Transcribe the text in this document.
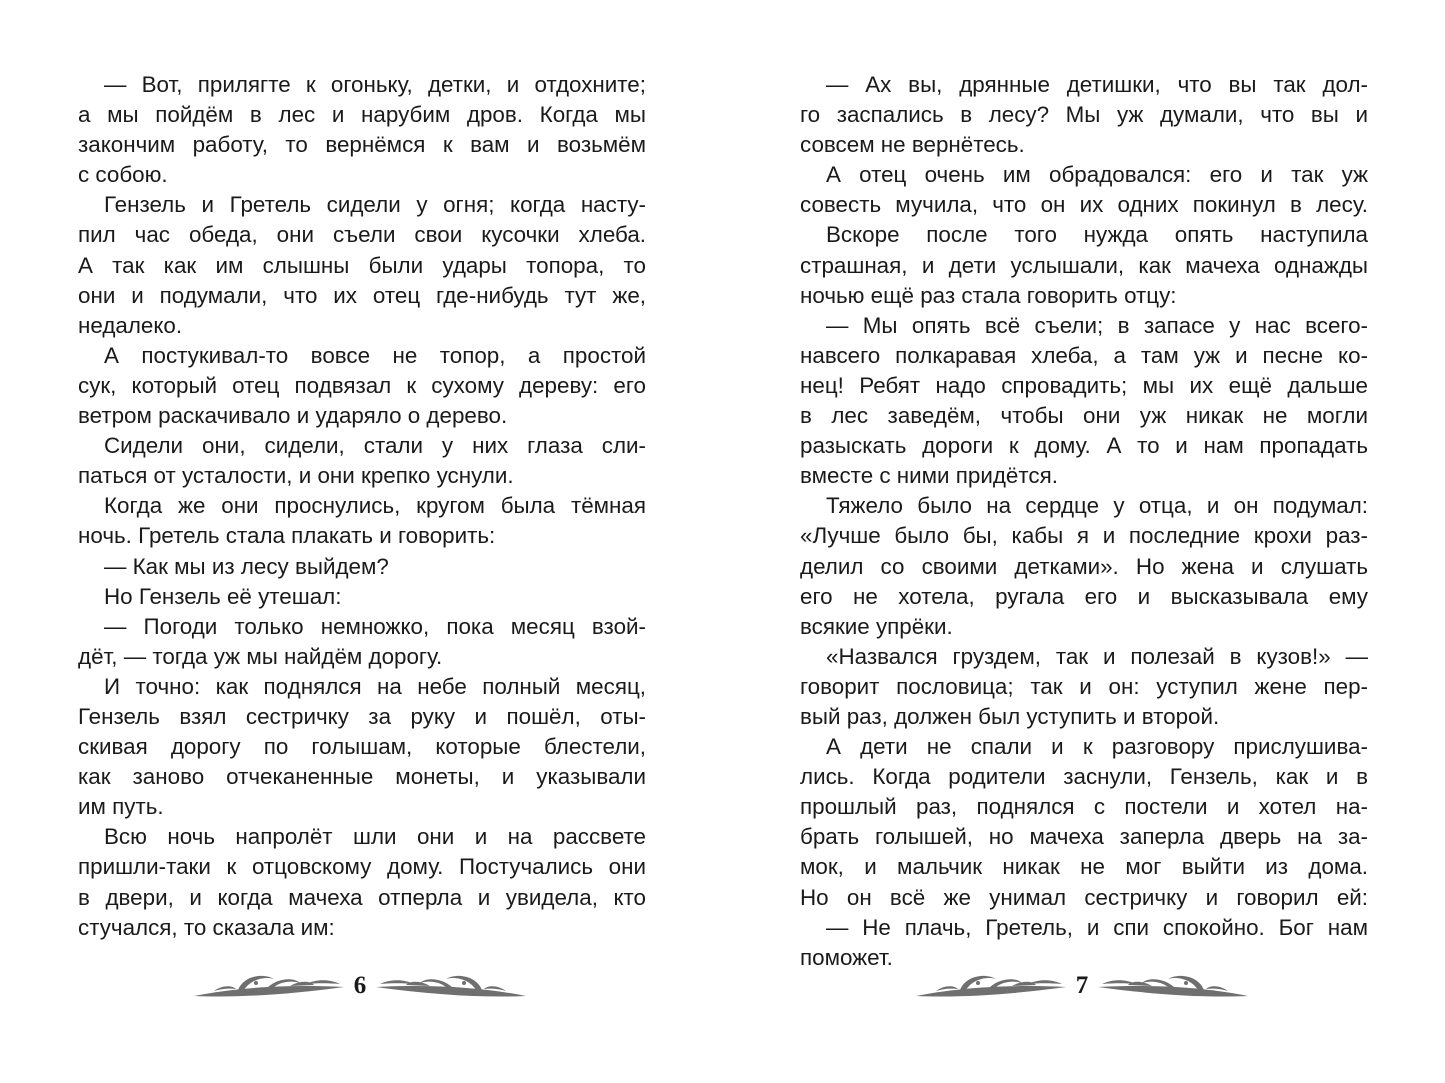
— Вот, прилягте к огоньку, детки, и отдохните;
а мы пойдём в лес и нарубим дров. Когда мы
закончим работу, то вернёмся к вам и возьмём
с собою.
Гензель и Гретель сидели у огня; когда насту-
пил час обеда, они съели свои кусочки хлеба.
А так как им слышны были удары топора, то
они и подумали, что их отец где-нибудь тут же,
недалеко.
А постукивал-то вовсе не топор, а простой
сук, который отец подвязал к сухому дереву: его
ветром раскачивало и ударяло о дерево.
Сидели они, сидели, стали у них глаза сли-
паться от усталости, и они крепко уснули.
Когда же они проснулись, кругом была тёмная
ночь. Гретель стала плакать и говорить:
— Как мы из лесу выйдем?
Но Гензель её утешал:
— Погоди только немножко, пока месяц взой-
дёт, — тогда уж мы найдём дорогу.
И точно: как поднялся на небе полный месяц,
Гензель взял сестричку за руку и пошёл, оты-
скивая дорогу по голышам, которые блестели,
как заново отчеканенные монеты, и указывали
им путь.
Всю ночь напролёт шли они и на рассвете
пришли-таки к отцовскому дому. Постучались они
в двери, и когда мачеха отперла и увидела, кто
стучался, то сказала им:
— Ах вы, дрянные детишки, что вы так дол-
го заспались в лесу? Мы уж думали, что вы и
совсем не вернётесь.
А отец очень им обрадовался: его и так уж
совесть мучила, что он их одних покинул в лесу.
Вскоре после того нужда опять наступила
страшная, и дети услышали, как мачеха однажды
ночью ещё раз стала говорить отцу:
— Мы опять всё съели; в запасе у нас всего-
навсего полкаравая хлеба, а там уж и песне ко-
нец! Ребят надо спровадить; мы их ещё дальше
в лес заведём, чтобы они уж никак не могли
разыскать дороги к дому. А то и нам пропадать
вместе с ними придётся.
Тяжело было на сердце у отца, и он подумал:
«Лучше было бы, кабы я и последние крохи раз-
делил со своими детками». Но жена и слушать
его не хотела, ругала его и высказывала ему
всякие упрёки.
«Назвался груздем, так и полезай в кузов!» —
говорит пословица; так и он: уступил жене пер-
вый раз, должен был уступить и второй.
А дети не спали и к разговору прислушива-
лись. Когда родители заснули, Гензель, как и в
прошлый раз, поднялся с постели и хотел на-
брать голышей, но мачеха заперла дверь на за-
мок, и мальчик никак не мог выйти из дома.
Но он всё же унимал сестричку и говорил ей:
— Не плачь, Гретель, и спи спокойно. Бог нам
поможет.
6	7
